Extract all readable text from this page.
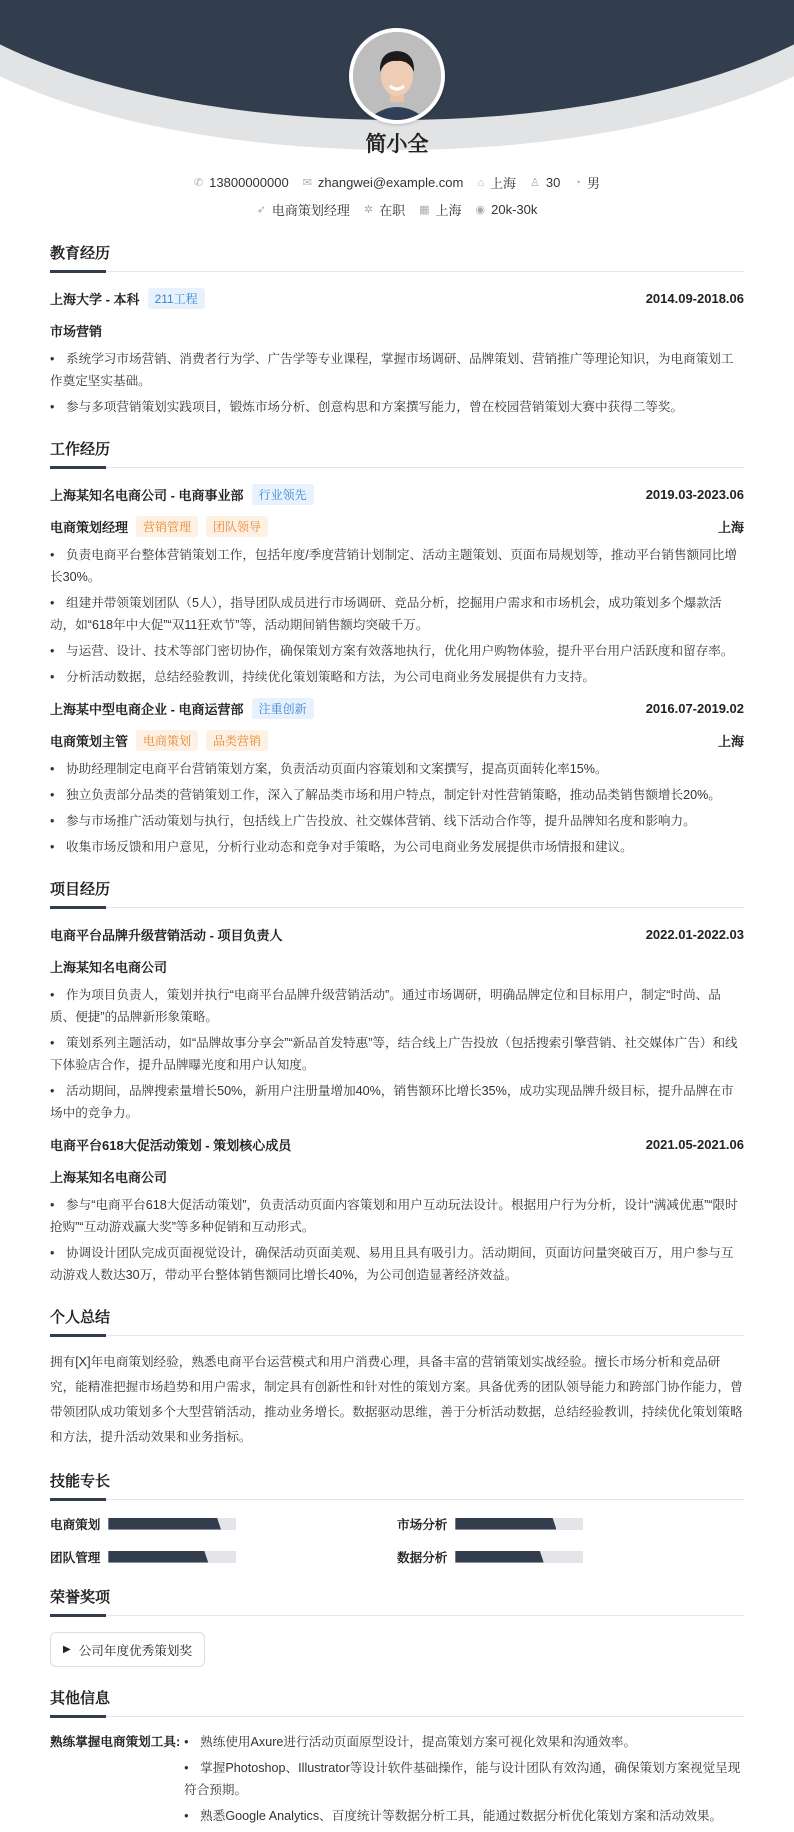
简小全
✆ 13800000000 ✉ zhangwei@example.com ⌂ 上海 ♙ 30 ◔ 男
➶ 电商策划经理 ✲ 在职 ▦ 上海 ◉ 20k-30k
教育经历
上海大学 - 本科	211工程	2014.09-2018.06
市场营销
• 系统学习市场营销、消费者行为学、广告学等专业课程，掌握市场调研、品牌策划、营销推广等理论知识，为电商策划工作奠定坚实基础。
• 参与多项营销策划实践项目，锻炼市场分析、创意构思和方案撰写能力，曾在校园营销策划大赛中获得二等奖。
工作经历
上海某知名电商公司 - 电商事业部	行业领先	2019.03-2023.06
电商策划经理	营销管理	团队领导	上海
• 负责电商平台整体营销策划工作，包括年度/季度营销计划制定、活动主题策划、页面布局规划等，推动平台销售额同比增长30%。
• 组建并带领策划团队（5人），指导团队成员进行市场调研、竞品分析，挖掘用户需求和市场机会，成功策划多个爆款活动，如“618年中大促”“双11狂欢节”等，活动期间销售额均突破千万。
• 与运营、设计、技术等部门密切协作，确保策划方案有效落地执行，优化用户购物体验，提升平台用户活跃度和留存率。
• 分析活动数据，总结经验教训，持续优化策划策略和方法，为公司电商业务发展提供有力支持。
上海某中型电商企业 - 电商运营部	注重创新	2016.07-2019.02
电商策划主管	电商策划	品类营销	上海
• 协助经理制定电商平台营销策划方案，负责活动页面内容策划和文案撰写，提高页面转化率15%。
• 独立负责部分品类的营销策划工作，深入了解品类市场和用户特点，制定针对性营销策略，推动品类销售额增长20%。
• 参与市场推广活动策划与执行，包括线上广告投放、社交媒体营销、线下活动合作等，提升品牌知名度和影响力。
• 收集市场反馈和用户意见，分析行业动态和竞争对手策略，为公司电商业务发展提供市场情报和建议。
项目经历
电商平台品牌升级营销活动 - 项目负责人	2022.01-2022.03
上海某知名电商公司
• 作为项目负责人，策划并执行“电商平台品牌升级营销活动”。通过市场调研，明确品牌定位和目标用户，制定“时尚、品质、便捷”的品牌新形象策略。
• 策划系列主题活动，如“品牌故事分享会”“新品首发特惠”等，结合线上广告投放（包括搜索引擎营销、社交媒体广告）和线下体验店合作，提升品牌曝光度和用户认知度。
• 活动期间，品牌搜索量增长50%，新用户注册量增加40%，销售额环比增长35%，成功实现品牌升级目标，提升品牌在市场中的竞争力。
电商平台618大促活动策划 - 策划核心成员	2021.05-2021.06
上海某知名电商公司
• 参与“电商平台618大促活动策划”，负责活动页面内容策划和用户互动玩法设计。根据用户行为分析，设计“满减优惠”“限时抢购”“互动游戏赢大奖”等多种促销和互动形式。
• 协调设计团队完成页面视觉设计，确保活动页面美观、易用且具有吸引力。活动期间，页面访问量突破百万，用户参与互动游戏人数达30万，带动平台整体销售额同比增长40%，为公司创造显著经济效益。
个人总结

拥有[X]年电商策划经验，熟悉电商平台运营模式和用户消费心理，具备丰富的营销策划实战经验。擅长市场分析和竞品研究，能精准把握市场趋势和用户需求，制定具有创新性和针对性的策划方案。具备优秀的团队领导能力和跨部门协作能力，曾带领团队成功策划多个大型营销活动，推动业务增长。数据驱动思维，善于分析活动数据，总结经验教训，持续优化策划策略和方法，提升活动效果和业务指标。

技能专长
电商策划	市场分析
团队管理	数据分析
荣誉奖项
▶ 公司年度优秀策划奖
其他信息
熟练掌握电商策划工具:	• 熟练使用Axure进行活动页面原型设计，提高策划方案可视化效果和沟通效率。
• 掌握Photoshop、Illustrator等设计软件基础操作，能与设计团队有效沟通，确保策划方案视觉呈现符合预期。
• 熟悉Google Analytics、百度统计等数据分析工具，能通过数据分析优化策划方案和活动效果。
